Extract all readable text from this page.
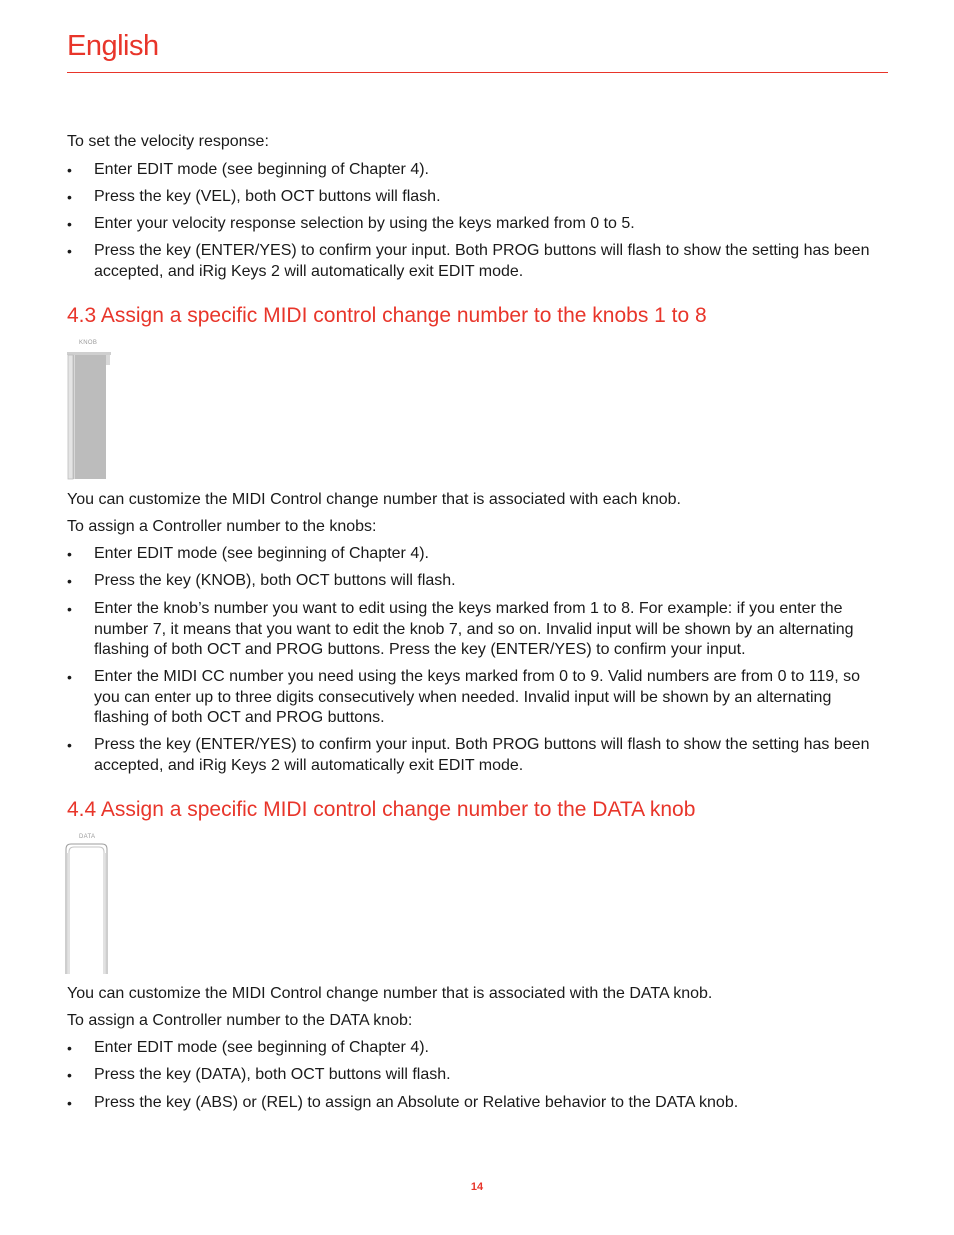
English
To set the velocity response:
•	Enter EDIT mode (see beginning of Chapter 4).
•	Press the key (VEL), both OCT buttons will flash.
•	Enter your velocity response selection by using the keys marked from 0 to 5.
•	Press the key (ENTER/YES) to confirm your input. Both PROG buttons will flash to show the setting has been accepted, and iRig Keys 2 will automatically exit EDIT mode.
4.3 Assign a specific MIDI control change number to the knobs 1 to 8
KNOB
You can customize the MIDI Control change number that is associated with each knob.
To assign a Controller number to the knobs:
•	Enter EDIT mode (see beginning of Chapter 4).
•	Press the key (KNOB), both OCT buttons will flash.
•	Enter the knob’s number you want to edit using the keys marked from 1 to 8. For example: if you enter the number 7, it means that you want to edit the knob 7, and so on. Invalid input will be shown by an alternating flashing of both OCT and PROG buttons. Press the key (ENTER/YES) to confirm your input.
•	Enter the MIDI CC number you need using the keys marked from 0 to 9. Valid numbers are from 0 to 119, so you can enter up to three digits consecutively when needed. Invalid input will be shown by an alternating flashing of both OCT and PROG buttons.
•	Press the key (ENTER/YES) to confirm your input. Both PROG buttons will flash to show the setting has been accepted, and iRig Keys 2 will automatically exit EDIT mode.
4.4 Assign a specific MIDI control change number to the DATA knob
DATA
You can customize the MIDI Control change number that is associated with the DATA knob.
To assign a Controller number to the DATA knob:
•	Enter EDIT mode (see beginning of Chapter 4).
•	Press the key (DATA), both OCT buttons will flash.
•	Press the key (ABS) or (REL) to assign an Absolute or Relative behavior to the DATA knob.
14
